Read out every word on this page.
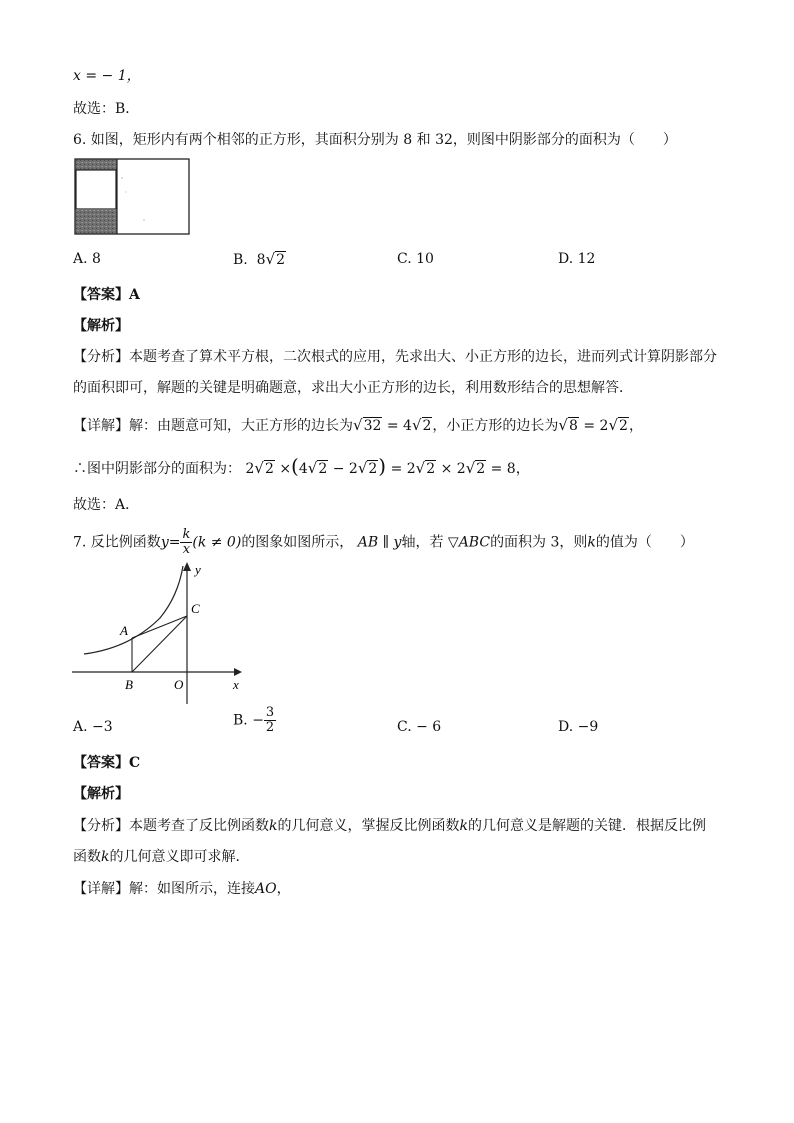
x = − 1，
故选：B．
6. 如图，矩形内有两个相邻的正方形，其面积分别为 8 和 32，则图中阴影部分的面积为（　　）
A. 8	B. 8√2	C. 10	D. 12
【答案】A
【解析】
【分析】本题考查了算术平方根，二次根式的应用，先求出大、小正方形的边长，进而列式计算阴影部分
的面积即可，解题的关键是明确题意，求出大小正方形的边长，利用数形结合的思想解答．
【详解】解：由题意可知，大正方形的边长为√32 = 4√2，小正方形的边长为√8 = 2√2，
∴图中阴影部分的面积为： 2√2 ×(4√2 − 2√2) = 2√2 × 2√2 = 8，
故选：A．
7. 反比例函数$y= \frac{k}{x} (k \ne 0)$的图象如图所示， AB ∥ y轴，若 ▽ABC的面积为 3，则k的值为（　　）
y
x
A
B
C
O
A. −3	B. − $\frac{3}{2}$	C. − 6	D. −9
【答案】C
【解析】
【分析】本题考查了反比例函数k的几何意义，掌握反比例函数k的几何意义是解题的关键．根据反比例
函数k的几何意义即可求解．
【详解】解：如图所示，连接AO，
